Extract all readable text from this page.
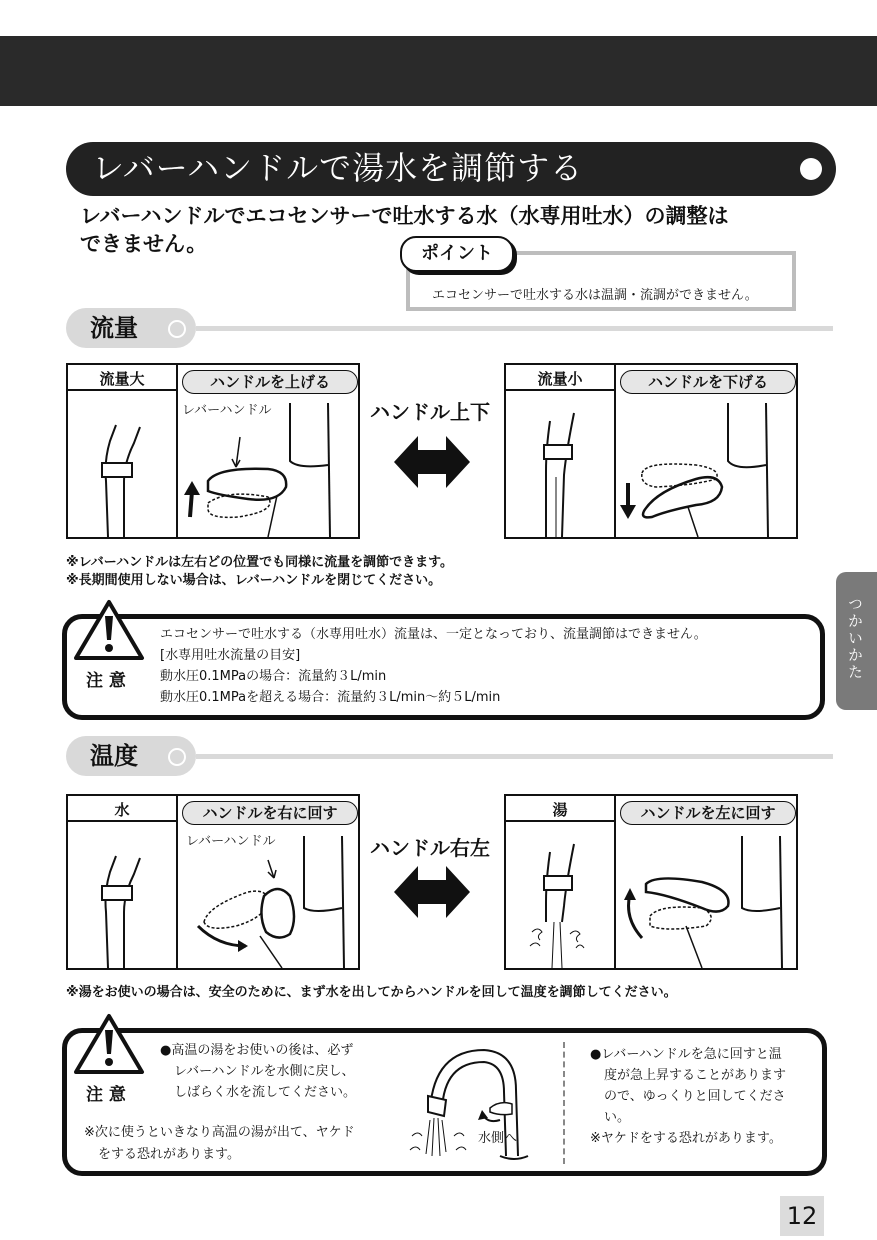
レバーハンドルで湯水を調節する
レバーハンドルでエコセンサーで吐水する水（水専用吐水）の調整は
できません。	ポイント
エコセンサーで吐水する水は温調・流調ができません。
流量
流量大	ハンドルを上げる
レバーハンドル	ハンドル上下
流量小	ハンドルを下げる
※レバーハンドルは左右どの位置でも同様に流量を調節できます。
※長期間使用しない場合は、レバーハンドルを閉じてください。
注 意
エコセンサーで吐水する（水専用吐水）流量は、一定となっており、流量調節はできません。
[水専用吐水流量の目安]
動水圧0.1MPaの場合：流量約３L/min
動水圧0.1MPaを超える場合：流量約３L/min〜約５L/min
つかいかた
温度
水	ハンドルを右に回す
レバーハンドル	ハンドル右左
湯	ハンドルを左に回す
※湯をお使いの場合は、安全のために、まず水を出してからハンドルを回して温度を調節してください。
注 意
●高温の湯をお使いの後は、必ず
レバーハンドルを水側に戻し、
しばらく水を流してください。
※次に使うといきなり高温の湯が出て、ヤケド
をする恐れがあります。
水側へ
●レバーハンドルを急に回すと温
度が急上昇することがあります
ので、ゆっくりと回してくださ
い。
※ヤケドをする恐れがあります。
12
